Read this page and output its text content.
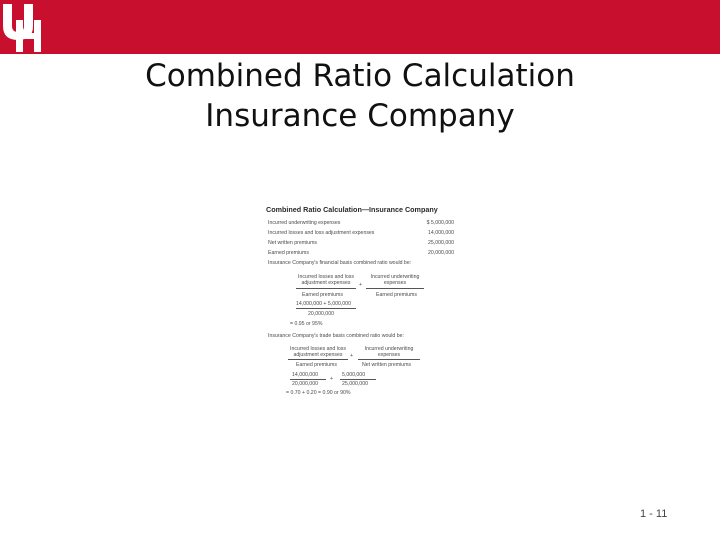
Combined Ratio Calculation
Insurance Company
Combined Ratio Calculation—Insurance Company
Incurred underwriting expenses	$ 5,000,000
Incurred losses and loss adjustment expenses	14,000,000
Net written premiums	25,000,000
Earned premiums	20,000,000
Insurance Company's financial basis combined ratio would be:
Incurred losses and loss adjustment expenses	+
Incurred underwriting expenses
Earned premiums	Earned premiums
14,000,000 + 5,000,000
20,000,000
= 0.95 or 95%
Insurance Company's trade basis combined ratio would be:
Incurred losses and loss adjustment expenses	+
Incurred underwriting expenses
Earned premiums	Net written premiums
14,000,000
+
5,000,000
20,000,000	25,000,000
= 0.70 + 0.20 = 0.90 or 90%
1 - 11
